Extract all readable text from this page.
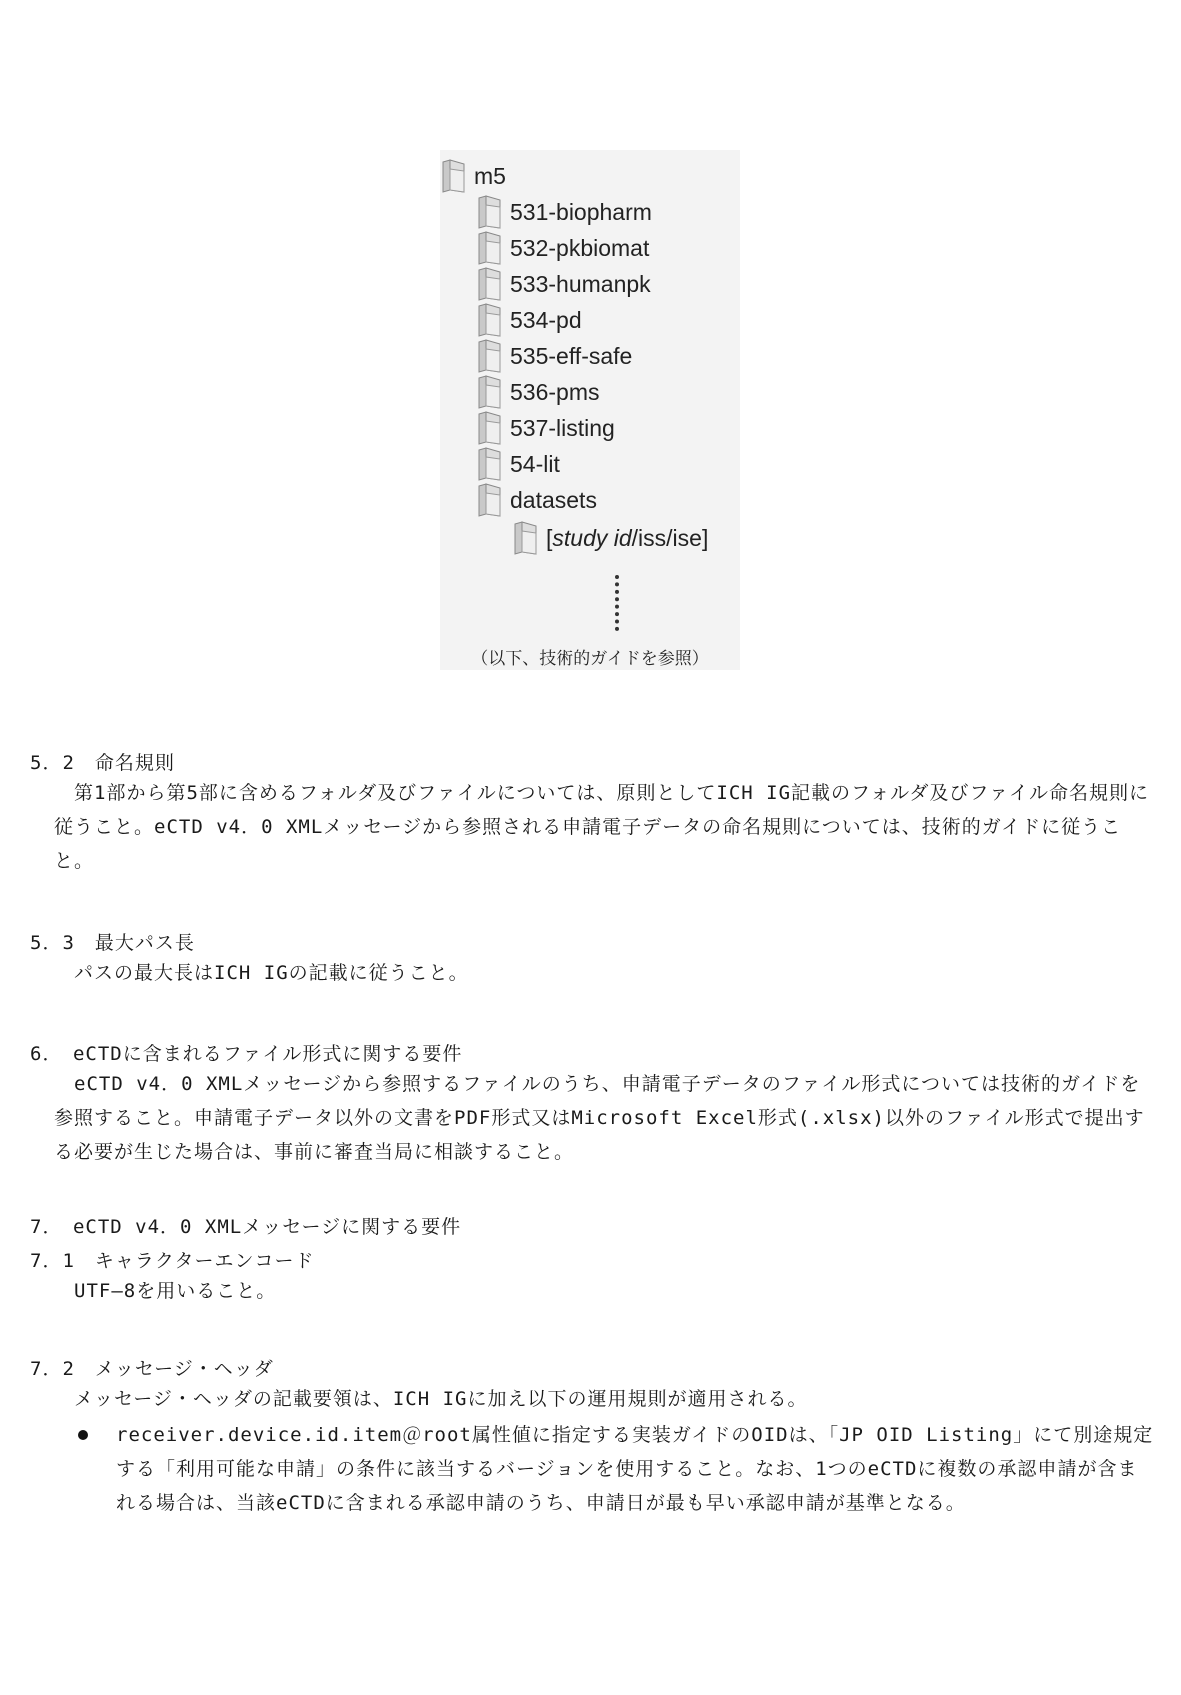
m5
531-biopharm
532-pkbiomat
533-humanpk
534-pd
535-eff-safe
536-pms
537-listing
54-lit
datasets
[study id/iss/ise]
（以下、技術的ガイドを参照）
5．2　命名規則
第1部から第5部に含めるフォルダ及びファイルについては、原則としてICH IG記載のフォルダ及びファイル命名規則に従うこと。eCTD v4．0 XMLメッセージから参照される申請電子データの命名規則については、技術的ガイドに従うこと。
5．3　最大パス長
パスの最大長はICH IGの記載に従うこと。
6．　eCTDに含まれるファイル形式に関する要件
eCTD v4．0 XMLメッセージから参照するファイルのうち、申請電子データのファイル形式については技術的ガイドを参照すること。申請電子データ以外の文書をPDF形式又はMicrosoft Excel形式(.xlsx)以外のファイル形式で提出する必要が生じた場合は、事前に審査当局に相談すること。
7．　eCTD v4．0 XMLメッセージに関する要件
7．1　キャラクターエンコード
UTF―8を用いること。
7．2　メッセージ・ヘッダ
メッセージ・ヘッダの記載要領は、ICH IGに加え以下の運用規則が適用される。
receiver.device.id.item＠root属性値に指定する実装ガイドのOIDは、「JP OID Listing」にて別途規定する「利用可能な申請」の条件に該当するバージョンを使用すること。なお、1つのeCTDに複数の承認申請が含まれる場合は、当該eCTDに含まれる承認申請のうち、申請日が最も早い承認申請が基準となる。
